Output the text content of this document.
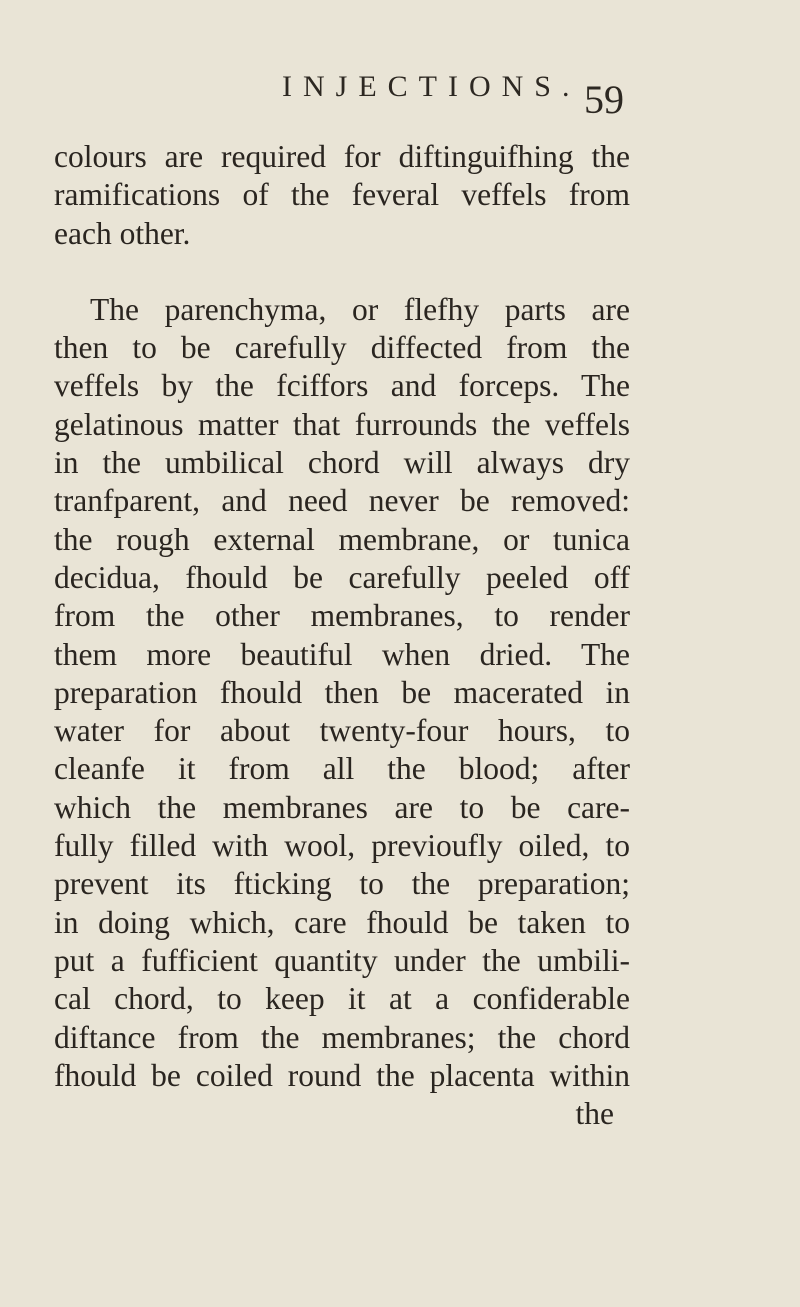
INJECTIONS. 59
colours are required for diftinguifhing the
ramifications of the feveral veffels from
each other.
The parenchyma, or flefhy parts are
then to be carefully diffected from the
veffels by the fciffors and forceps. The
gelatinous matter that furrounds the veffels
in the umbilical chord will always dry
tranfparent, and need never be removed:
the rough external membrane, or tunica
decidua, fhould be carefully peeled off
from the other membranes, to render
them more beautiful when dried. The
preparation fhould then be macerated in
water for about twenty-four hours, to
cleanfe it from all the blood; after
which the membranes are to be care-
fully filled with wool, previoufly oiled, to
prevent its fticking to the preparation;
in doing which, care fhould be taken to
put a fufficient quantity under the umbili-
cal chord, to keep it at a confiderable
diftance from the membranes; the chord
fhould be coiled round the placenta within
the
